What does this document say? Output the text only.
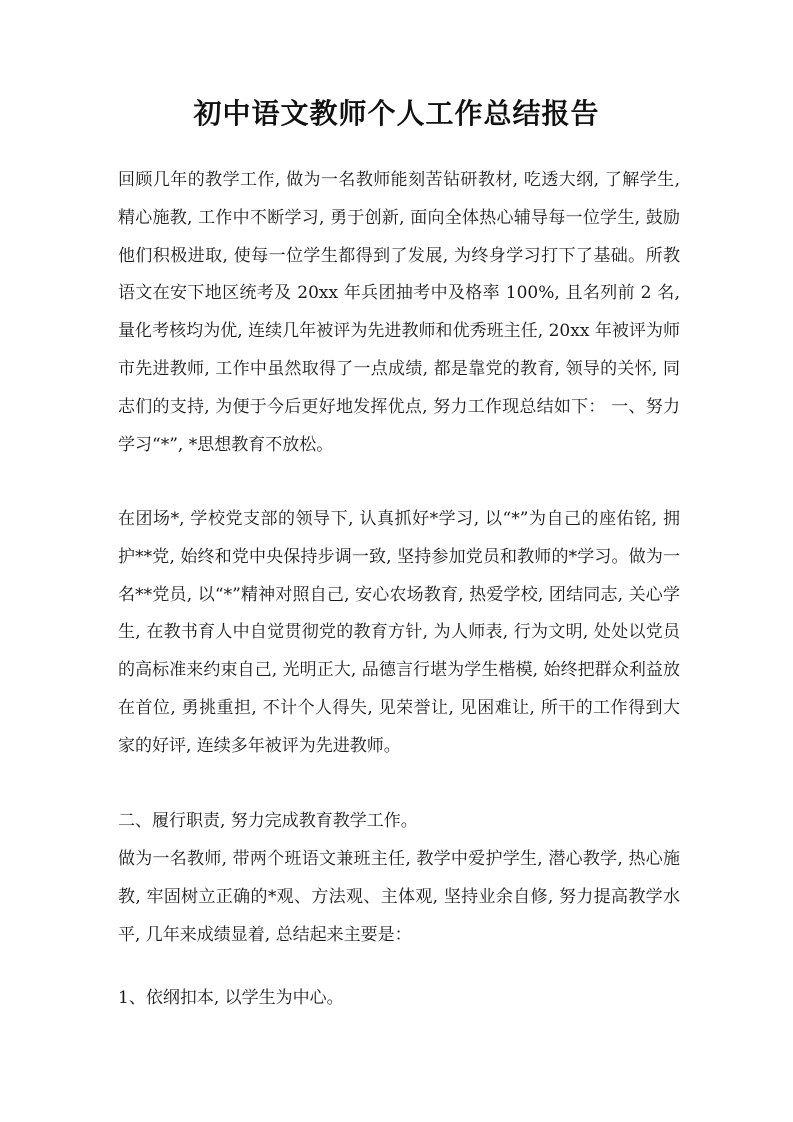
初中语文教师个人工作总结报告

回顾几年的教学工作, 做为一名教师能刻苦钻研教材, 吃透大纲, 了解学生, 精心施教, 工作中不断学习, 勇于创新, 面向全体热心辅导每一位学生, 鼓励他们积极进取, 使每一位学生都得到了发展, 为终身学习打下了基础。所教语文在安下地区统考及 20xx 年兵团抽考中及格率 100%, 且名列前 2 名, 量化考核均为优, 连续几年被评为先进教师和优秀班主任, 20xx 年被评为师市先进教师, 工作中虽然取得了一点成绩, 都是靠党的教育, 领导的关怀, 同志们的支持, 为便于今后更好地发挥优点, 努力工作现总结如下： 一、努力学习“*”, *思想教育不放松。

在团场*, 学校党支部的领导下, 认真抓好*学习, 以“*”为自己的座佑铭, 拥护**党, 始终和党中央保持步调一致, 坚持参加党员和教师的*学习。做为一名**党员, 以“*”精神对照自己, 安心农场教育, 热爱学校, 团结同志, 关心学生, 在教书育人中自觉贯彻党的教育方针, 为人师表, 行为文明, 处处以党员的高标准来约束自己, 光明正大, 品德言行堪为学生楷模, 始终把群众利益放在首位, 勇挑重担, 不计个人得失, 见荣誉让, 见困难让, 所干的工作得到大家的好评, 连续多年被评为先进教师。

二、履行职责, 努力完成教育教学工作。

做为一名教师, 带两个班语文兼班主任, 教学中爱护学生, 潜心教学, 热心施教, 牢固树立正确的*观、方法观、主体观, 坚持业余自修, 努力提高教学水平, 几年来成绩显着, 总结起来主要是：

1、依纲扣本, 以学生为中心。
